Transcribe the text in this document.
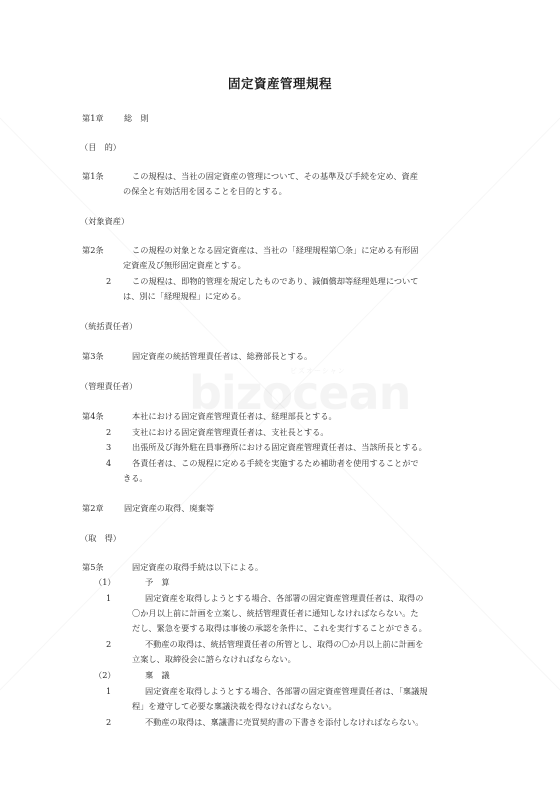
ビズオーシャン
固定資産管理規程
第1章 総　則
（目　的）
第1条	この規程は、当社の固定資産の管理について、その基準及び手続を定め、資産
の保全と有効活用を図ることを目的とする。
（対象資産）
第2条	この規程の対象となる固定資産は、当社の「経理規程第〇条」に定める有形固
定資産及び無形固定資産とする。
2	この規程は、即物的管理を規定したものであり、減価償却等経理処理について
は、別に「経理規程」に定める。
（統括責任者）
第3条	固定資産の統括管理責任者は、総務部長とする。
（管理責任者）
第4条	本社における固定資産管理責任者は、経理部長とする。
2	支社における固定資産管理責任者は、支社長とする。
3	出張所及び海外駐在員事務所における固定資産管理責任者は、当該所長とする。
4	各責任者は、この規程に定める手続を実施するため補助者を使用することがで
きる。
第2章 固定資産の取得、廃棄等
（取　得）
第5条	固定資産の取得手続は以下による。
（1）	予　算
1	固定資産を取得しようとする場合、各部署の固定資産管理責任者は、取得の
〇か月以上前に計画を立案し、統括管理責任者に通知しなければならない。た
だし、緊急を要する取得は事後の承認を条件に、これを実行することができる。
2	不動産の取得は、統括管理責任者の所管とし、取得の〇か月以上前に計画を
立案し、取締役会に諮らなければならない。
（2）	稟　議
1	固定資産を取得しようとする場合、各部署の固定資産管理責任者は、「稟議規
程」を遵守して必要な稟議決裁を得なければならない。
2	不動産の取得は、稟議書に売買契約書の下書きを添付しなければならない。
